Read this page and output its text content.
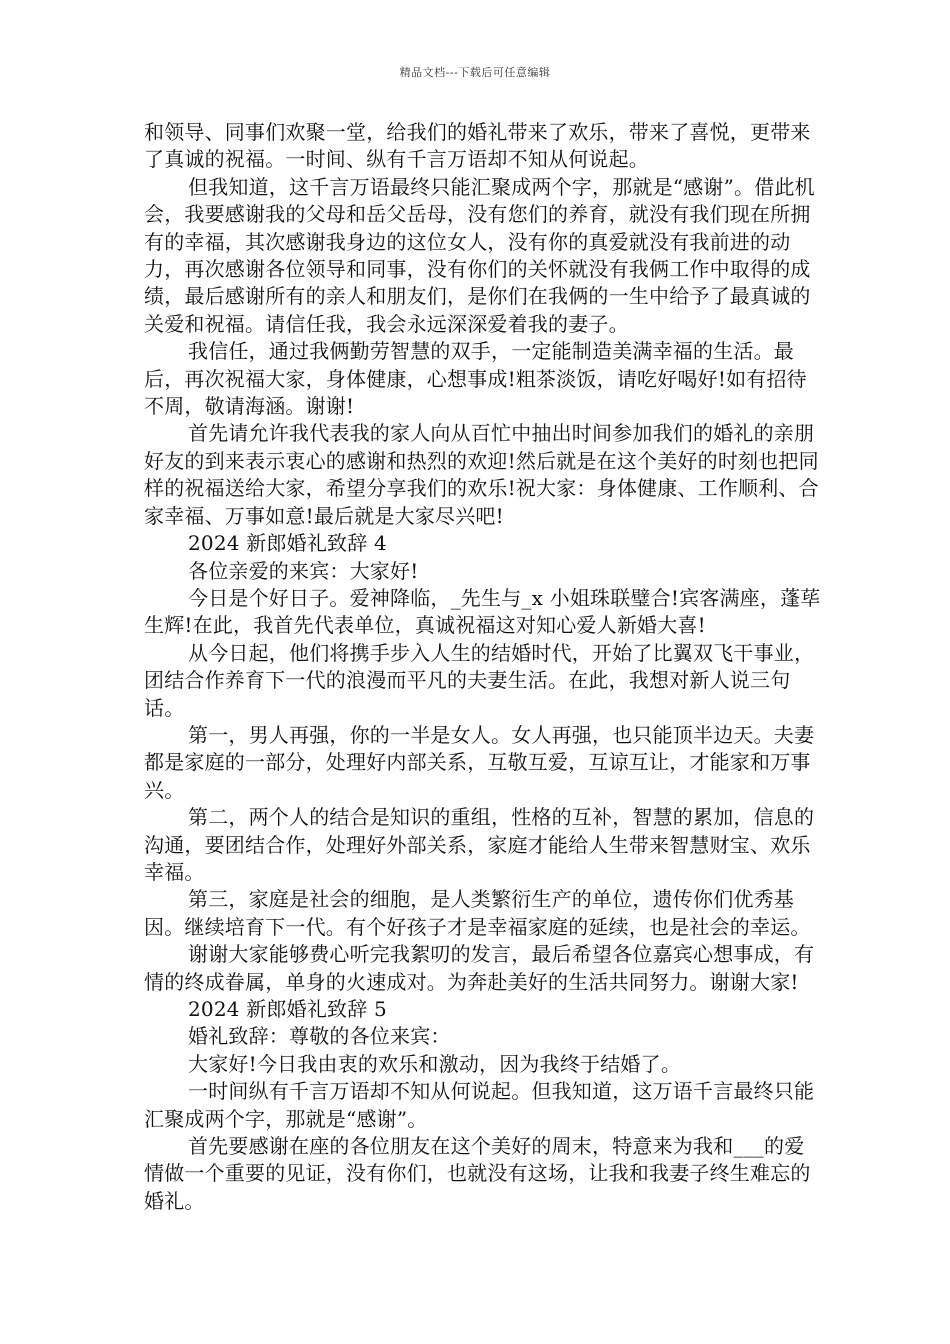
精品文档---下载后可任意编辑

和领导、同事们欢聚一堂，给我们的婚礼带来了欢乐，带来了喜悦，更带来了真诚的祝福。一时间、纵有千言万语却不知从何说起。

但我知道，这千言万语最终只能汇聚成两个字，那就是“感谢”。借此机会，我要感谢我的父母和岳父岳母，没有您们的养育，就没有我们现在所拥有的幸福，其次感谢我身边的这位女人，没有你的真爱就没有我前进的动力，再次感谢各位领导和同事，没有你们的关怀就没有我俩工作中取得的成绩，最后感谢所有的亲人和朋友们，是你们在我俩的一生中给予了最真诚的关爱和祝福。请信任我，我会永远深深爱着我的妻子。

我信任，通过我俩勤劳智慧的双手，一定能制造美满幸福的生活。最后，再次祝福大家，身体健康，心想事成!粗茶淡饭，请吃好喝好!如有招待不周，敬请海涵。谢谢!

首先请允许我代表我的家人向从百忙中抽出时间参加我们的婚礼的亲朋好友的到来表示衷心的感谢和热烈的欢迎!然后就是在这个美好的时刻也把同样的祝福送给大家，希望分享我们的欢乐!祝大家：身体健康、工作顺利、合家幸福、万事如意!最后就是大家尽兴吧!

2024 新郎婚礼致辞 4

各位亲爱的来宾：大家好!

今日是个好日子。爱神降临，_先生与_x 小姐珠联璧合!宾客满座，蓬荜生辉!在此，我首先代表单位，真诚祝福这对知心爱人新婚大喜!

从今日起，他们将携手步入人生的结婚时代，开始了比翼双飞干事业，团结合作养育下一代的浪漫而平凡的夫妻生活。在此，我想对新人说三句话。

第一，男人再强，你的一半是女人。女人再强，也只能顶半边天。夫妻都是家庭的一部分，处理好内部关系，互敬互爱，互谅互让，才能家和万事兴。

第二，两个人的结合是知识的重组，性格的互补，智慧的累加，信息的沟通，要团结合作，处理好外部关系，家庭才能给人生带来智慧财宝、欢乐幸福。

第三，家庭是社会的细胞，是人类繁衍生产的单位，遗传你们优秀基因。继续培育下一代。有个好孩子才是幸福家庭的延续，也是社会的幸运。

谢谢大家能够费心听完我絮叨的发言，最后希望各位嘉宾心想事成，有情的终成眷属，单身的火速成对。为奔赴美好的生活共同努力。谢谢大家!

2024 新郎婚礼致辞 5

婚礼致辞：尊敬的各位来宾：

大家好!今日我由衷的欢乐和激动，因为我终于结婚了。

一时间纵有千言万语却不知从何说起。但我知道，这万语千言最终只能汇聚成两个字，那就是“感谢”。

首先要感谢在座的各位朋友在这个美好的周末，特意来为我和___的爱情做一个重要的见证，没有你们，也就没有这场，让我和我妻子终生难忘的婚礼。
